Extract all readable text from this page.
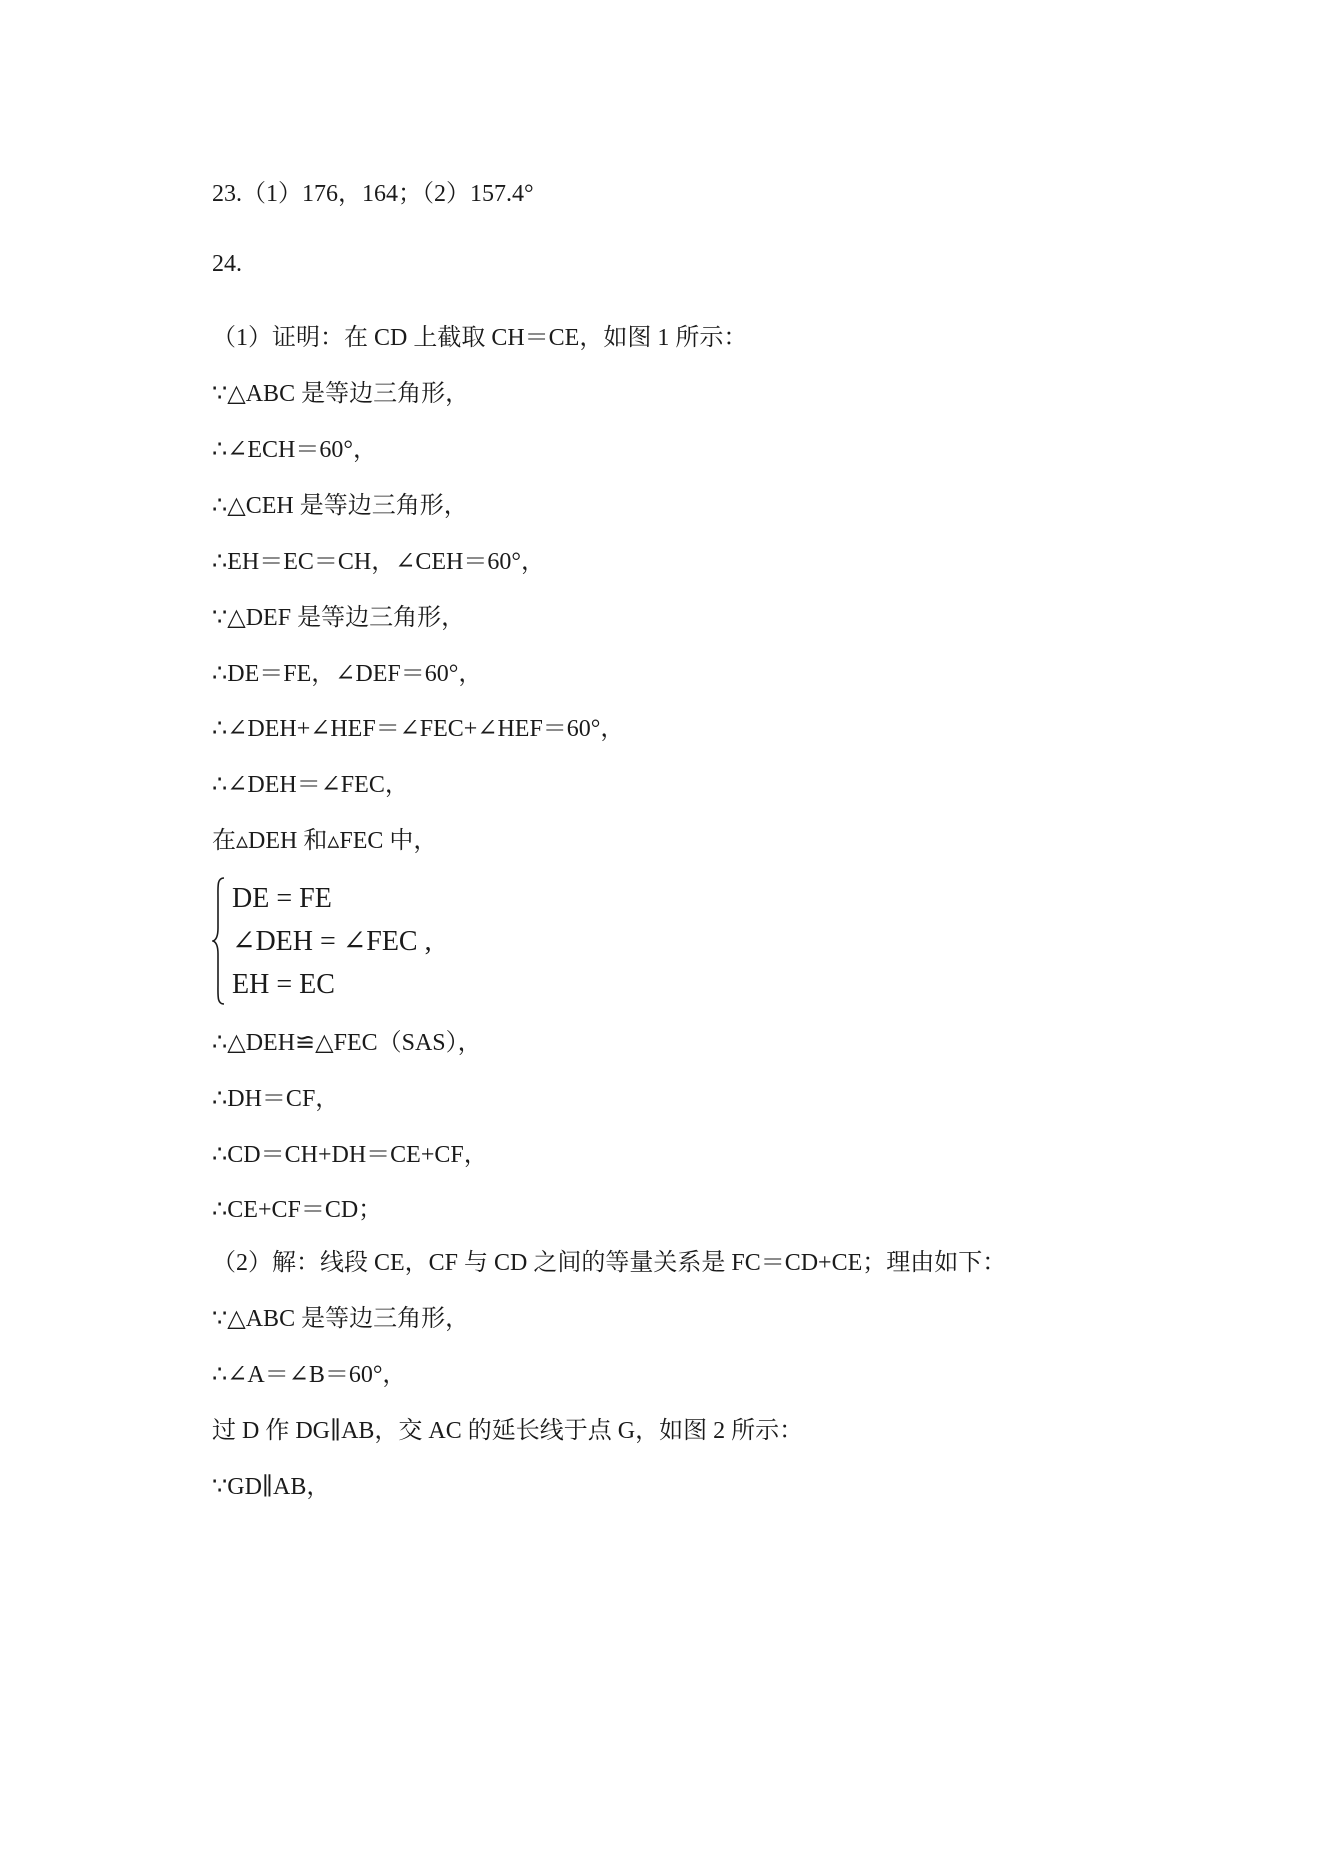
23.（1）176，164；（2）157.4°
24.
（1）证明：在 CD 上截取 CH＝CE，如图 1 所示：
∵△ABC 是等边三角形，
∴∠ECH＝60°，
∴△CEH 是等边三角形，
∴EH＝EC＝CH，∠CEH＝60°，
∵△DEF 是等边三角形，
∴DE＝FE，∠DEF＝60°，
∴∠DEH+∠HEF＝∠FEC+∠HEF＝60°，
∴∠DEH＝∠FEC，
在▵DEH 和▵FEC 中，
DE = FE
∠DEH = ∠FEC ,
EH = EC
∴△DEH≌△FEC（SAS），
∴DH＝CF，
∴CD＝CH+DH＝CE+CF，
∴CE+CF＝CD；
（2）解：线段 CE，CF 与 CD 之间的等量关系是 FC＝CD+CE；理由如下：
∵△ABC 是等边三角形，
∴∠A＝∠B＝60°，
过 D 作 DG∥AB，交 AC 的延长线于点 G，如图 2 所示：
∵GD∥AB，
